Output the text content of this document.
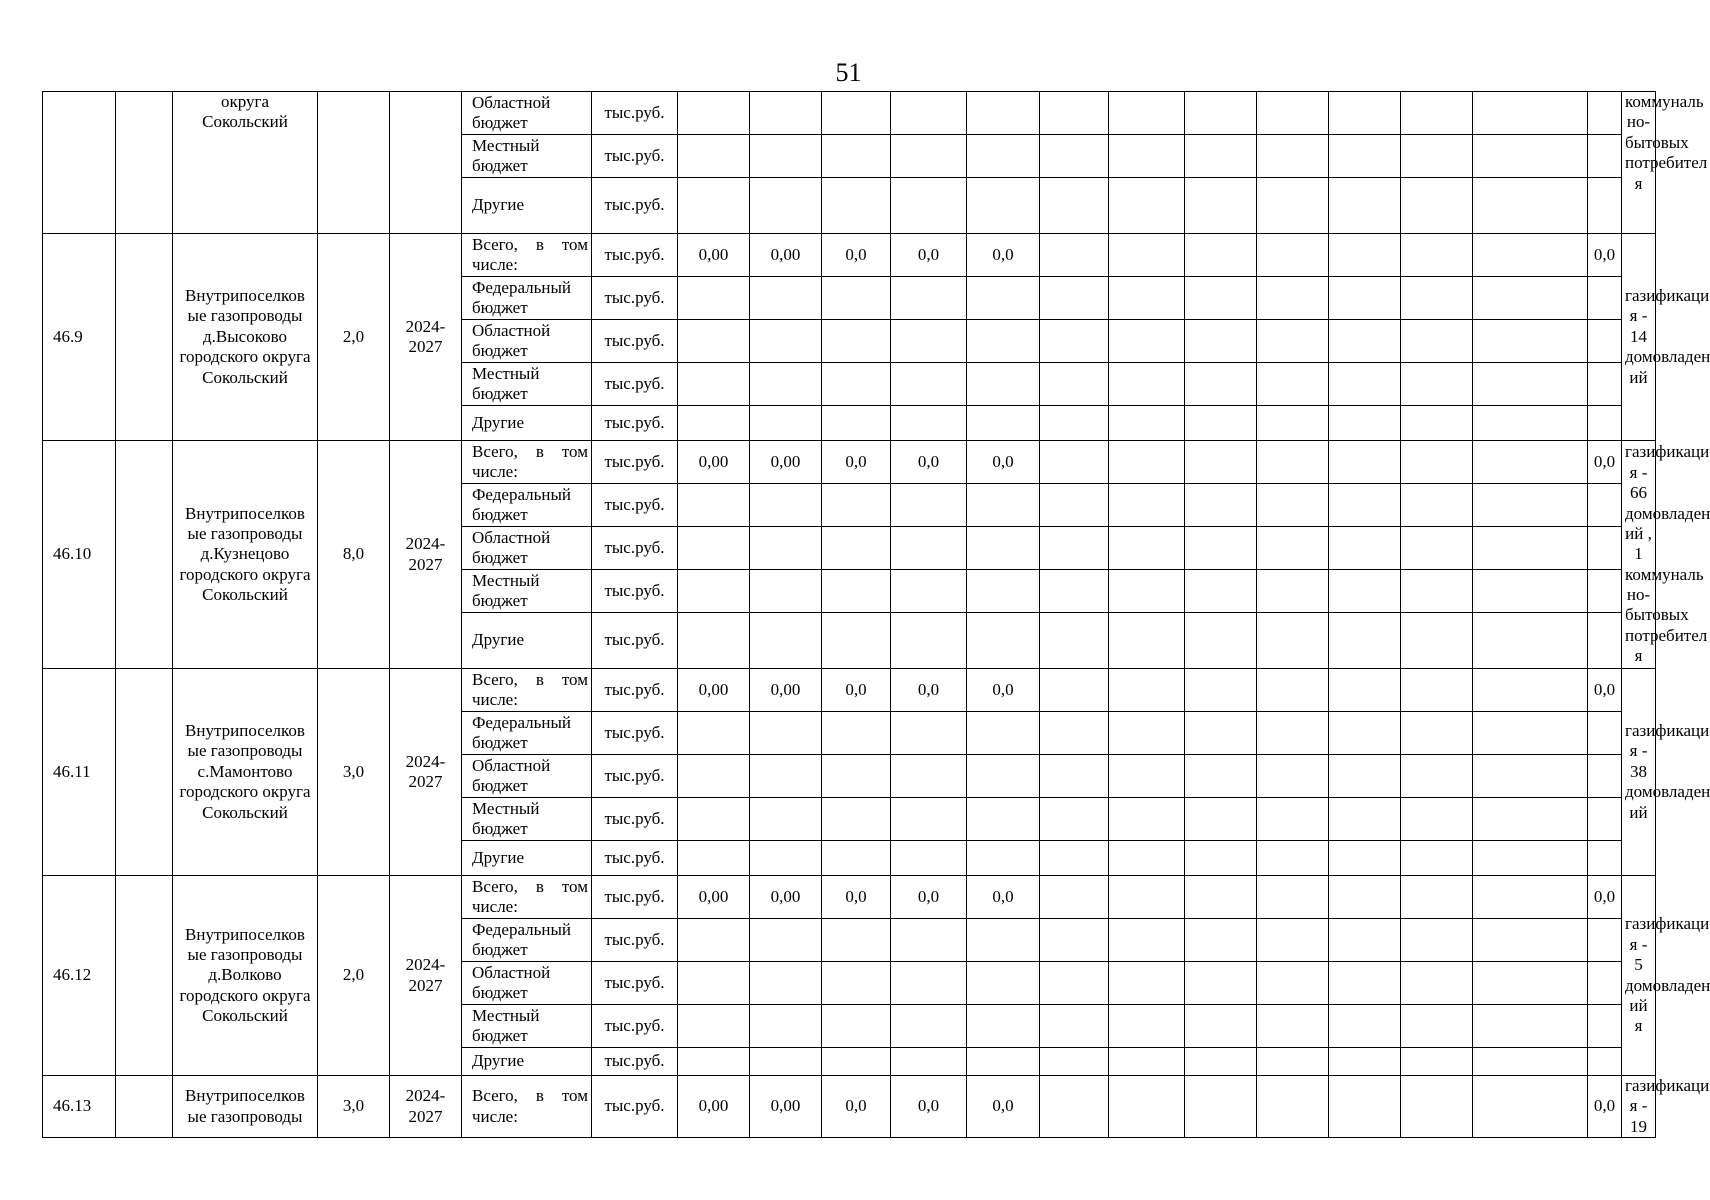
51
		округа Сокольский			Областной бюджет	тыс.руб.														коммуналь но- бытовых потребител я
					Местный бюджет	тыс.руб.														
					Другие	тыс.руб.														
46.9		Внутрипоселков ые газопроводы д.Высоково городского округа Сокольский	2,0	2024- 2027	Всего, в том числе:	тыс.руб.	0,00	0,00	0,0	0,0	0,0								0,0	газификаци я - 14 домовладен ий
					Федеральный бюджет	тыс.руб.														
					Областной бюджет	тыс.руб.														
					Местный бюджет	тыс.руб.														
					Другие	тыс.руб.														
46.10		Внутрипоселков ые газопроводы д.Кузнецово городского округа Сокольский	8,0	2024- 2027	Всего, в том числе:	тыс.руб.	0,00	0,00	0,0	0,0	0,0								0,0	газификаци я - 66 домовладен ий , 1 коммуналь но- бытовых потребител я
					Федеральный бюджет	тыс.руб.														
					Областной бюджет	тыс.руб.														
					Местный бюджет	тыс.руб.														
					Другие	тыс.руб.														
46.11		Внутрипоселков ые газопроводы с.Мамонтово городского округа Сокольский	3,0	2024- 2027	Всего, в том числе:	тыс.руб.	0,00	0,00	0,0	0,0	0,0								0,0	газификаци я - 38 домовладен ий
					Федеральный бюджет	тыс.руб.														
					Областной бюджет	тыс.руб.														
					Местный бюджет	тыс.руб.														
					Другие	тыс.руб.														
46.12		Внутрипоселков ые газопроводы д.Волково городского округа Сокольский	2,0	2024- 2027	Всего, в том числе:	тыс.руб.	0,00	0,00	0,0	0,0	0,0								0,0	газификаци я - 5 домовладен ий я
					Федеральный бюджет	тыс.руб.														
					Областной бюджет	тыс.руб.														
					Местный бюджет	тыс.руб.														
					Другие	тыс.руб.														
46.13		Внутрипоселков ые газопроводы	3,0	2024- 2027	Всего, в том числе:	тыс.руб.	0,00	0,00	0,0	0,0	0,0								0,0	газификаци я - 19
